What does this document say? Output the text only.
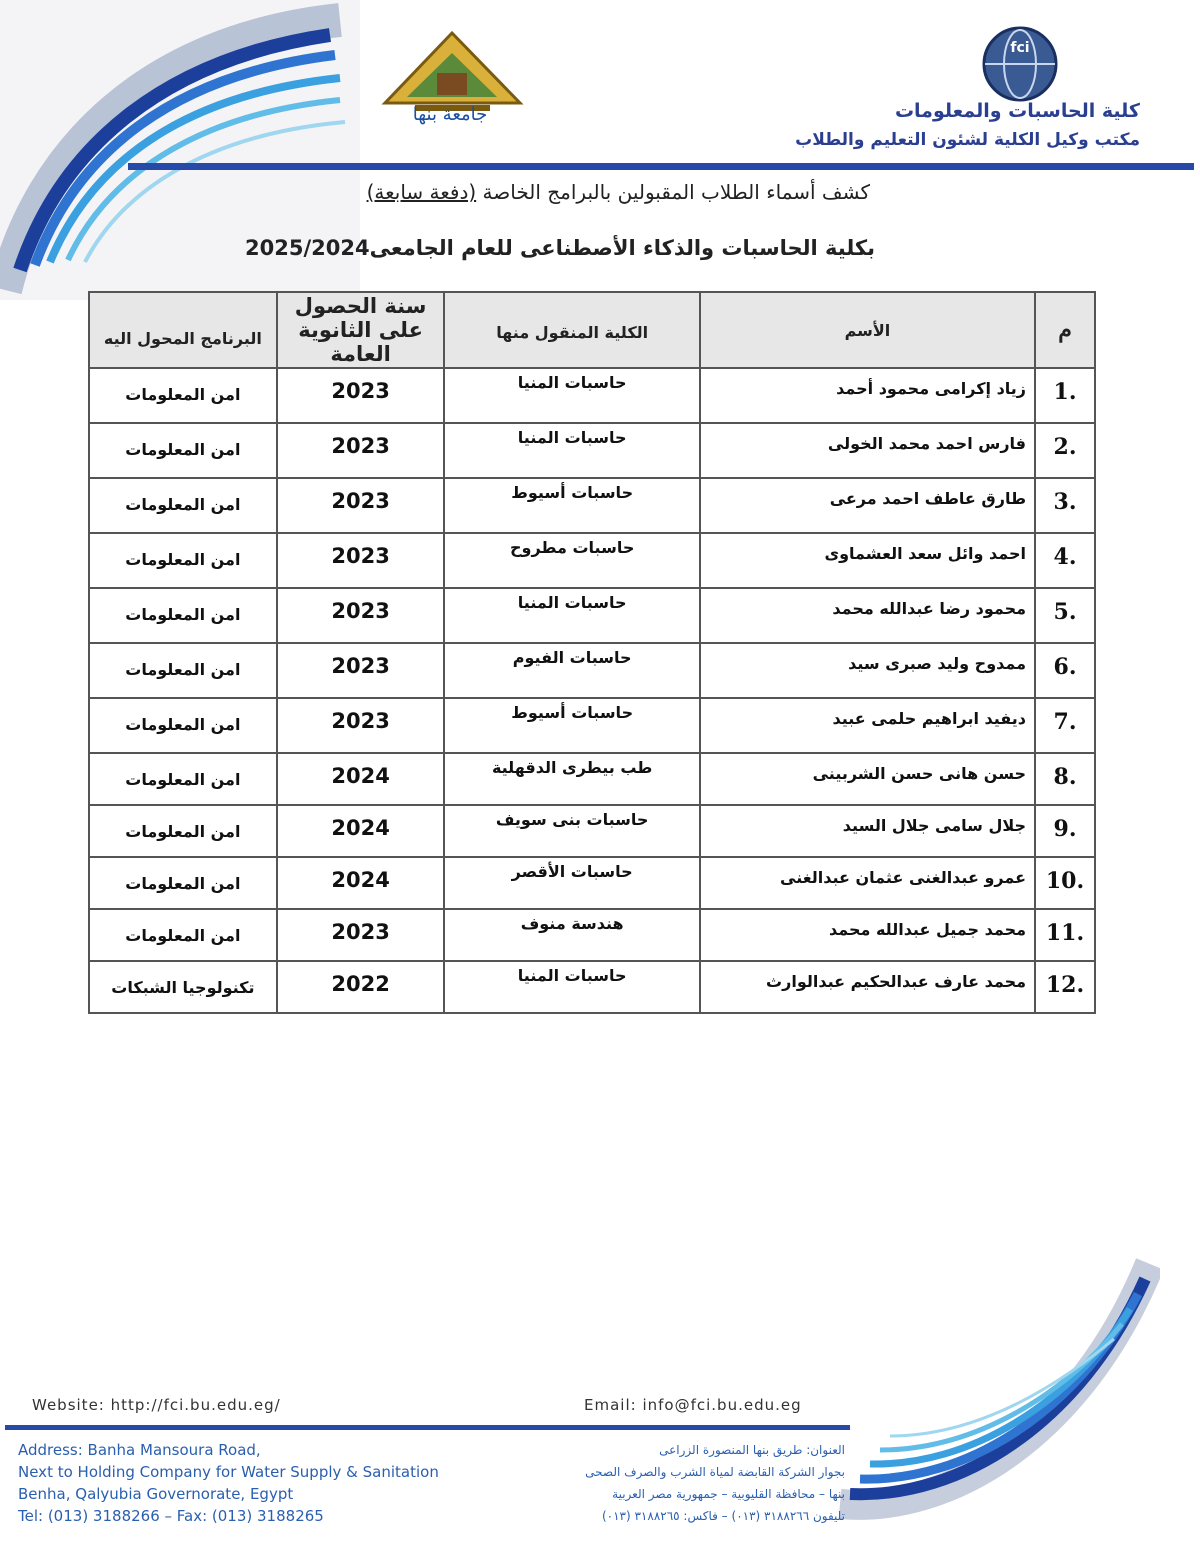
جامعة بنها
fci
كلية الحاسبات والمعلومات
مكتب وكيل الكلية لشئون التعليم والطلاب
كشف أسماء الطلاب المقبولين بالبرامج الخاصة (دفعة سابعة)
بكلية الحاسبات والذكاء الأصطناعى للعام الجامعى2025/2024
م	الأسم	الكلية المنقول منها	سنة الحصول على الثانوية العامة	البرنامج المحول اليه
1.	زياد إكرامى محمود أحمد	حاسبات المنيا	2023	امن المعلومات
2.	فارس احمد محمد الخولى	حاسبات المنيا	2023	امن المعلومات
3.	طارق عاطف احمد مرعى	حاسبات أسيوط	2023	امن المعلومات
4.	احمد وائل سعد العشماوى	حاسبات مطروح	2023	امن المعلومات
5.	محمود رضا عبدالله محمد	حاسبات المنيا	2023	امن المعلومات
6.	ممدوح وليد صبرى سيد	حاسبات الفيوم	2023	امن المعلومات
7.	ديفيد ابراهيم حلمى عبيد	حاسبات أسيوط	2023	امن المعلومات
8.	حسن هانى حسن الشربينى	طب بيطرى الدقهلية	2024	امن المعلومات
9.	جلال سامى جلال السيد	حاسبات بنى سويف	2024	امن المعلومات
10.	عمرو عبدالغنى عثمان عبدالغنى	حاسبات الأقصر	2024	امن المعلومات
11.	محمد جميل عبدالله محمد	هندسة منوف	2023	امن المعلومات
12.	محمد عارف عبدالحكيم عبدالوارث	حاسبات المنيا	2022	تكنولوجيا الشبكات
Website: http://fci.bu.edu.eg/	Email: info@fci.bu.edu.eg
Address: Banha Mansoura Road,
Next to Holding Company for Water Supply & Sanitation
Benha, Qalyubia Governorate, Egypt
Tel: (013) 3188266 – Fax: (013) 3188265
العنوان: طريق بنها المنصورة الزراعى
بجوار الشركة القابضة لمياة الشرب والصرف الصحى
بنها – محافظة القليوبية – جمهورية مصر العربية
تليفون ٣١٨٨٢٦٦ (٠١٣) – فاكس: ٣١٨٨٢٦٥ (٠١٣)
